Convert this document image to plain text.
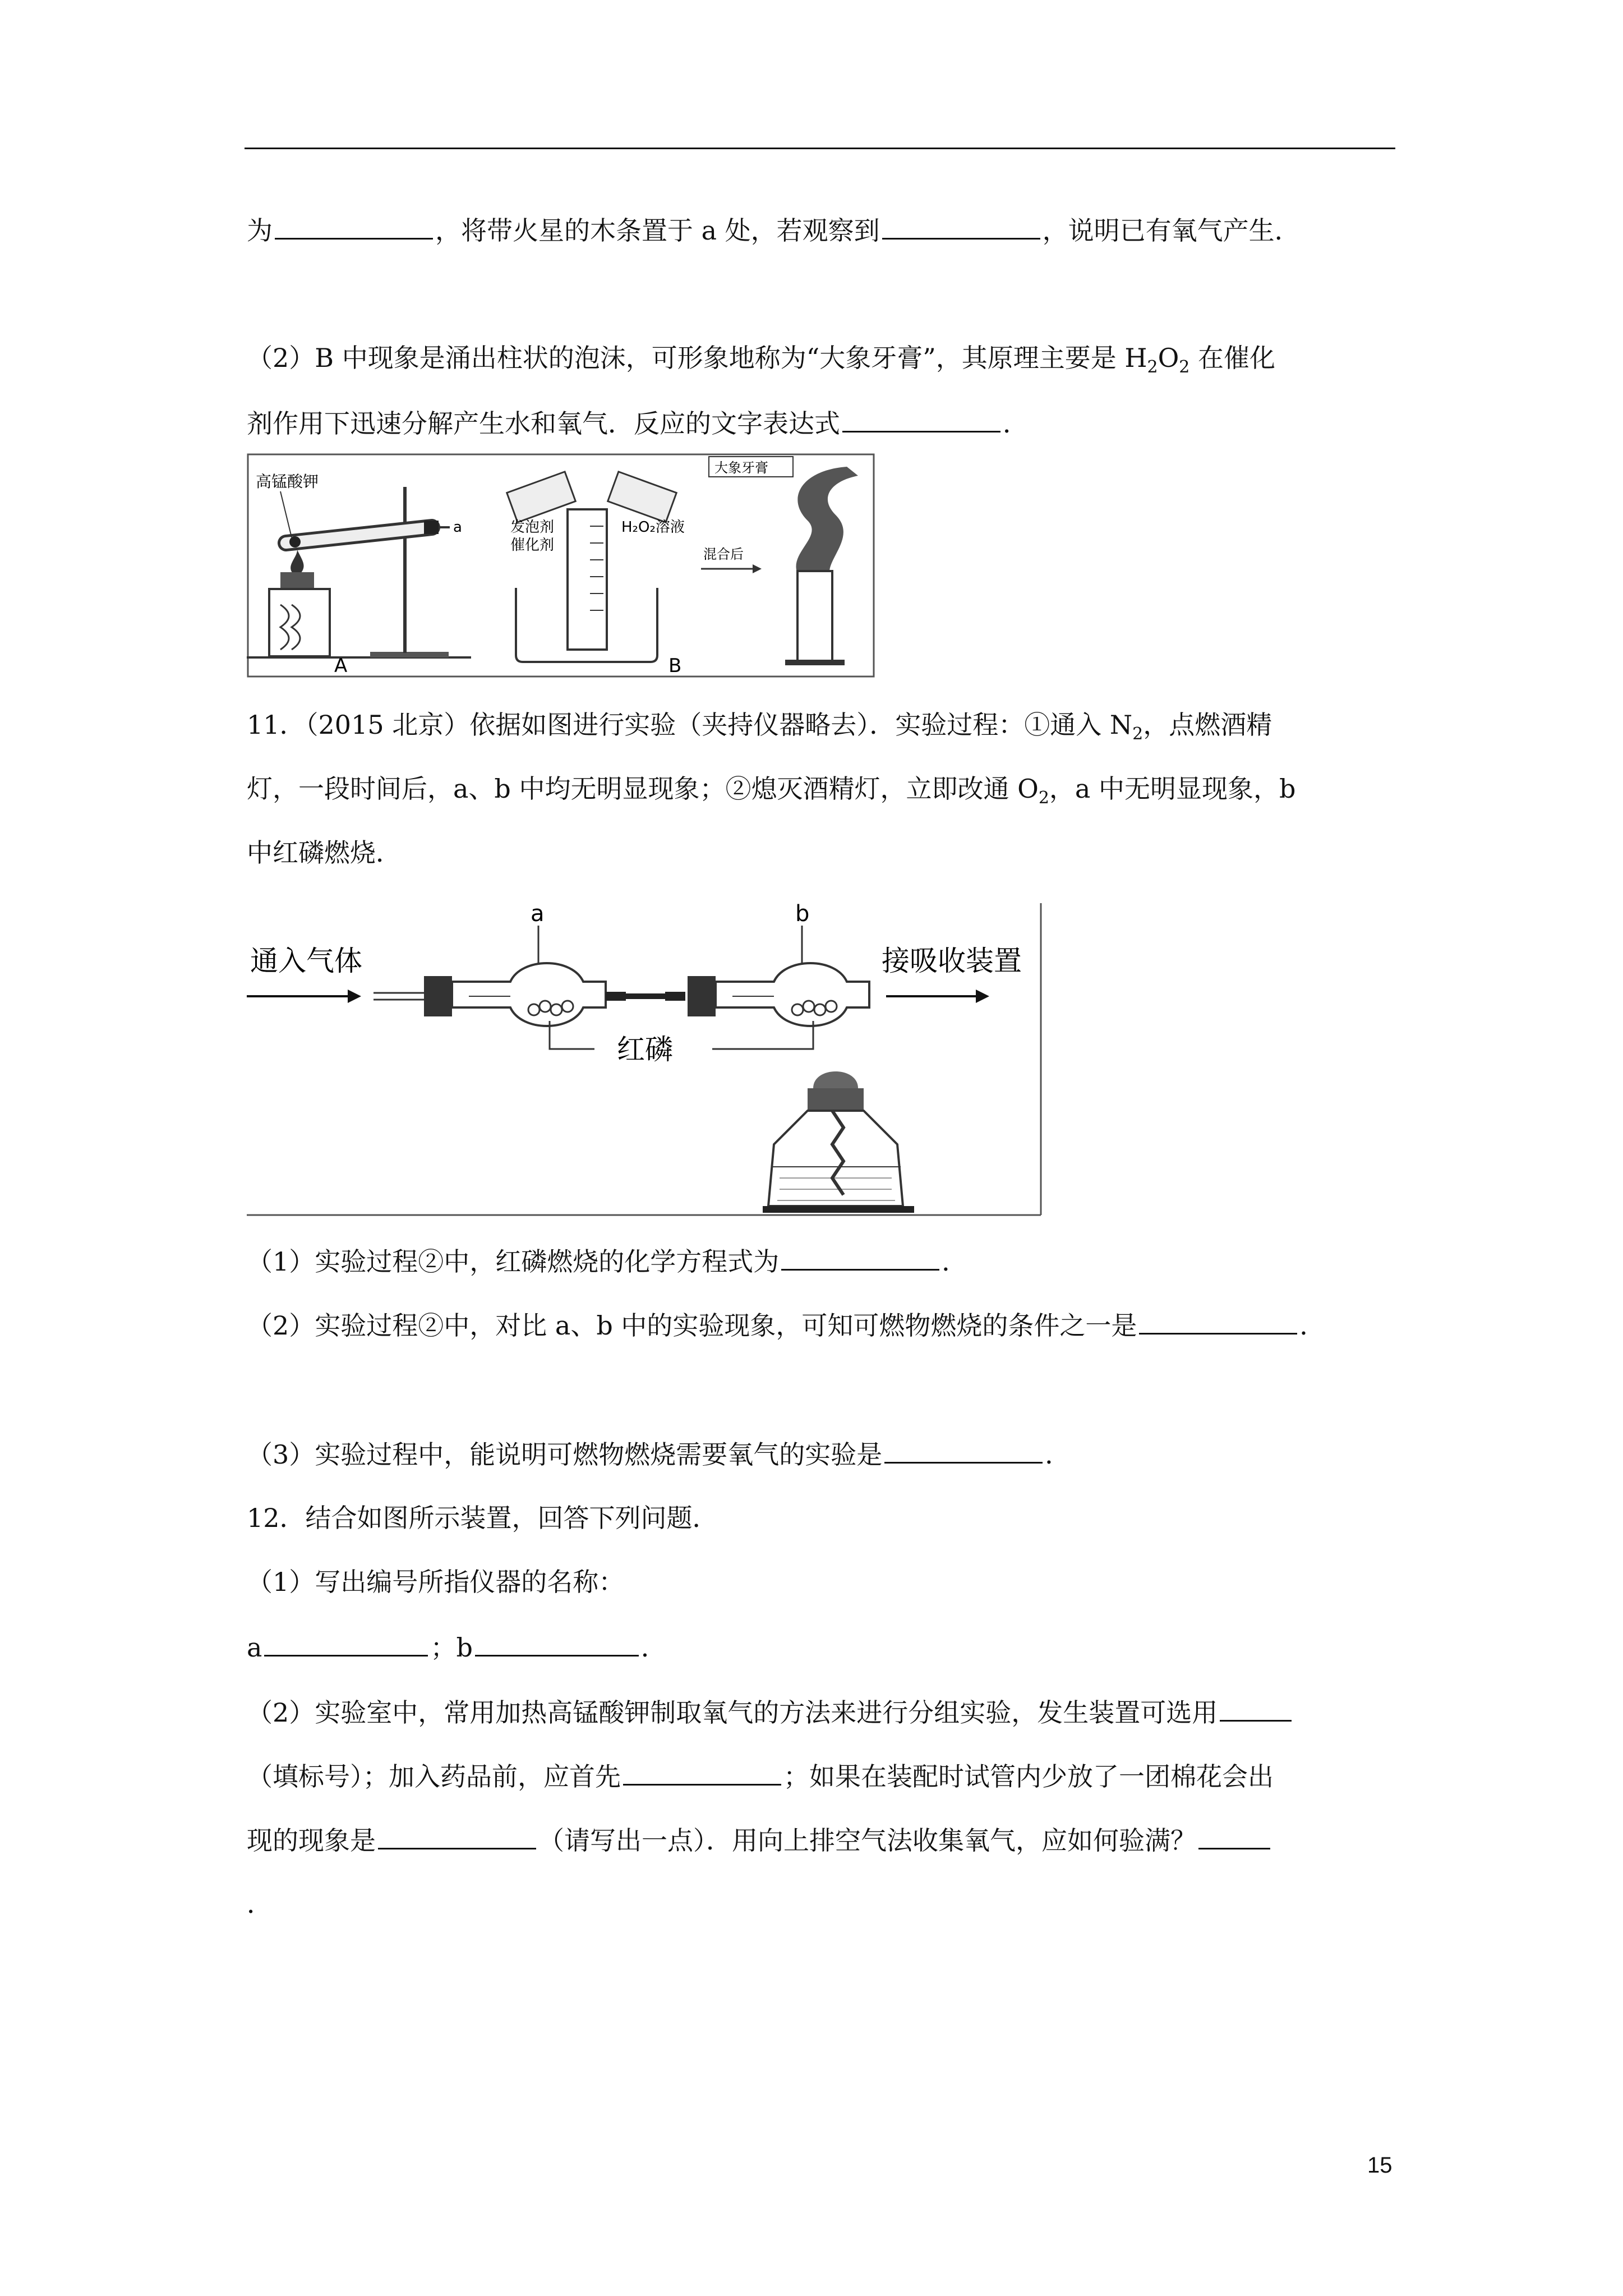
为	，将带火星的木条置于 a 处，若观察到	，说明已有氧气产生．
（2）B 中现象是涌出柱状的泡沫，可形象地称为“大象牙膏”，其原理主要是 $H_2O_2$ 在催化
剂作用下迅速分解产生水和氧气．反应的文字表达式	．
a
高锰酸钾
A
发泡剂
催化剂
H₂O₂溶液
B
大象牙膏
混合后
11．（2015 北京）依据如图进行实验（夹持仪器略去）．实验过程：①通入 $N_2$，点燃酒精
灯，一段时间后，a、b 中均无明显现象；②熄灭酒精灯，立即改通 $O_2$，a 中无明显现象，b
中红磷燃烧．
通入气体
a	b
接吸收装置
红磷
（1）实验过程②中，红磷燃烧的化学方程式为	．
（2）实验过程②中，对比 a、b 中的实验现象，可知可燃物燃烧的条件之一是	．
（3）实验过程中，能说明可燃物燃烧需要氧气的实验是	．
12．结合如图所示装置，回答下列问题．
（1）写出编号所指仪器的名称：
a	；b	．
（2）实验室中，常用加热高锰酸钾制取氧气的方法来进行分组实验，发生装置可选用
（填标号）；加入药品前，应首先	；如果在装配时试管内少放了一团棉花会出
现的现象是	（请写出一点）．用向上排空气法收集氧气，应如何验满？
．
15
